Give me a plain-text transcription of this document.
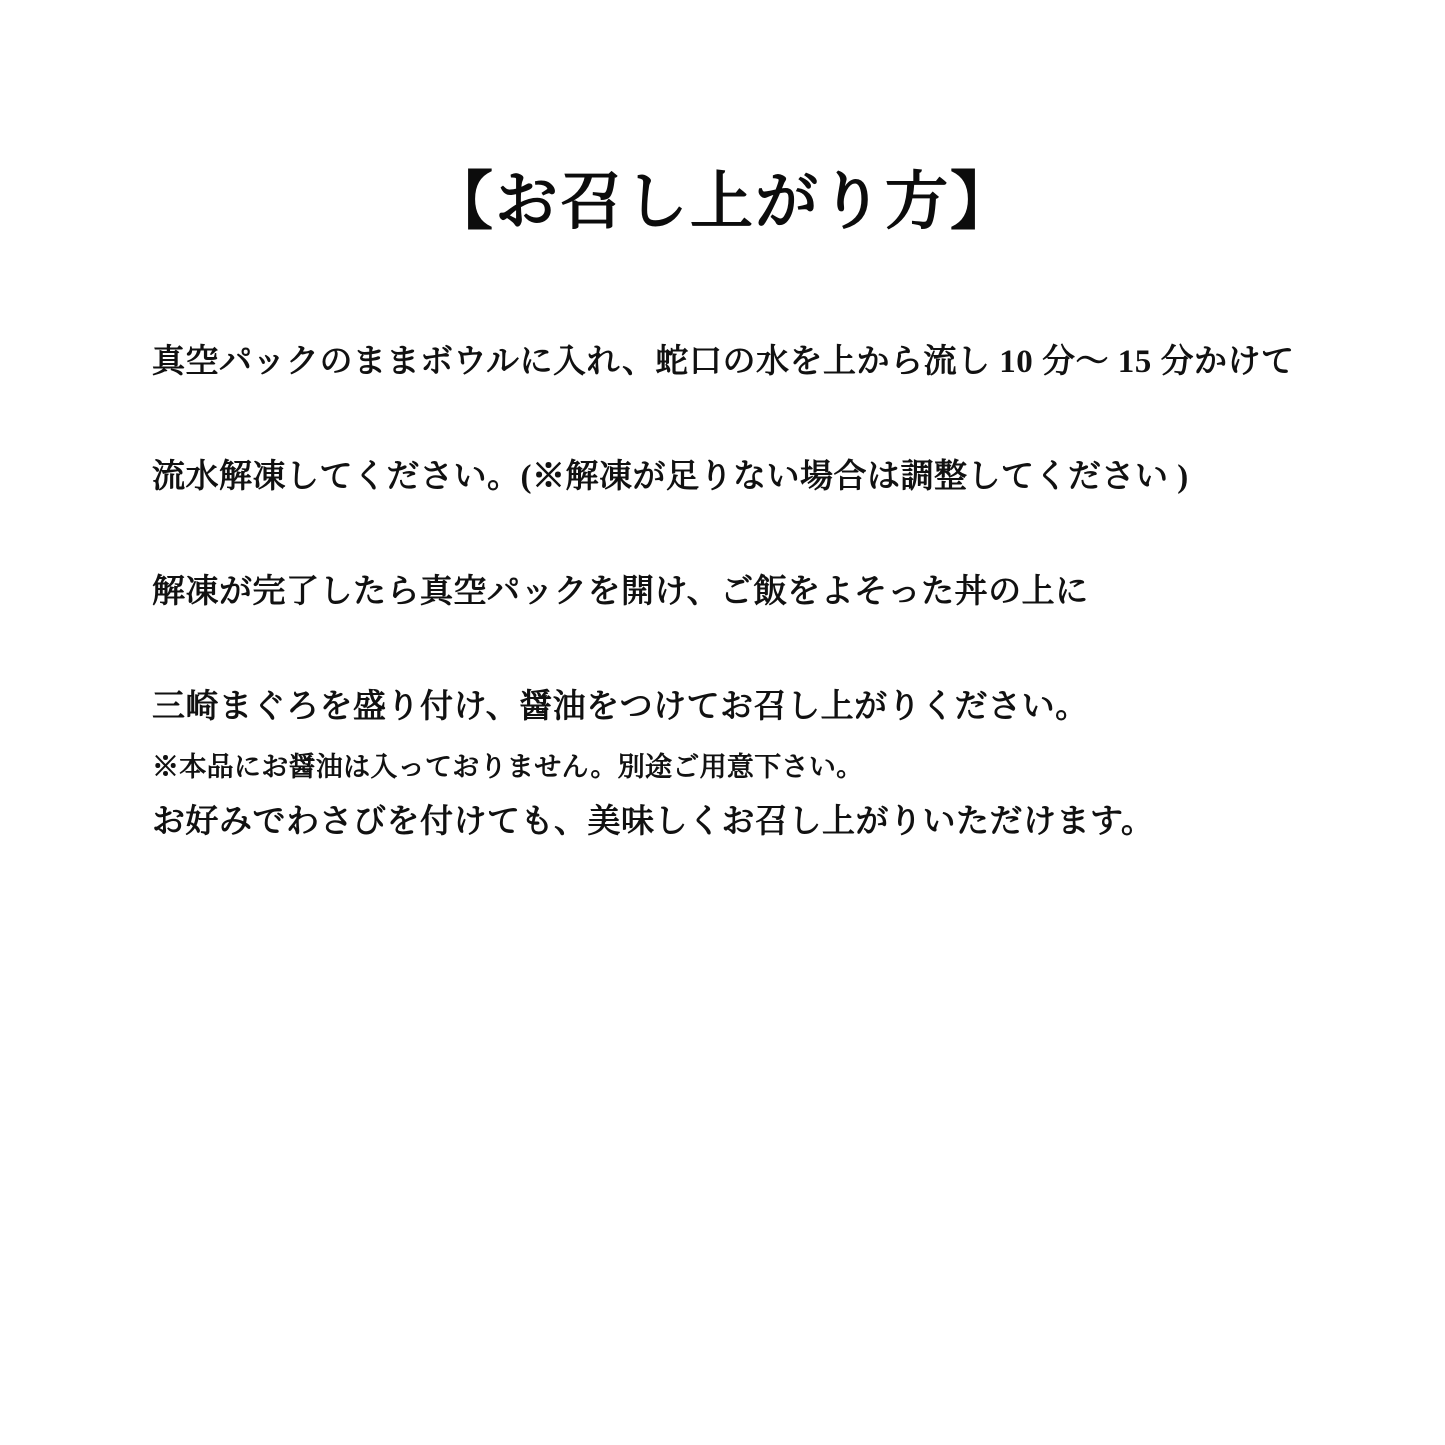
【お召し上がり方】

真空パックのままボウルに入れ、蛇口の水を上から流し 10 分〜 15 分かけて

流水解凍してください。(※解凍が足りない場合は調整してください )

解凍が完了したら真空パックを開け、ご飯をよそった丼の上に

三崎まぐろを盛り付け、醤油をつけてお召し上がりください。

お好みでわさびを付けても、美味しくお召し上がりいただけます。

※本品にお醤油は入っておりません。別途ご用意下さい。
